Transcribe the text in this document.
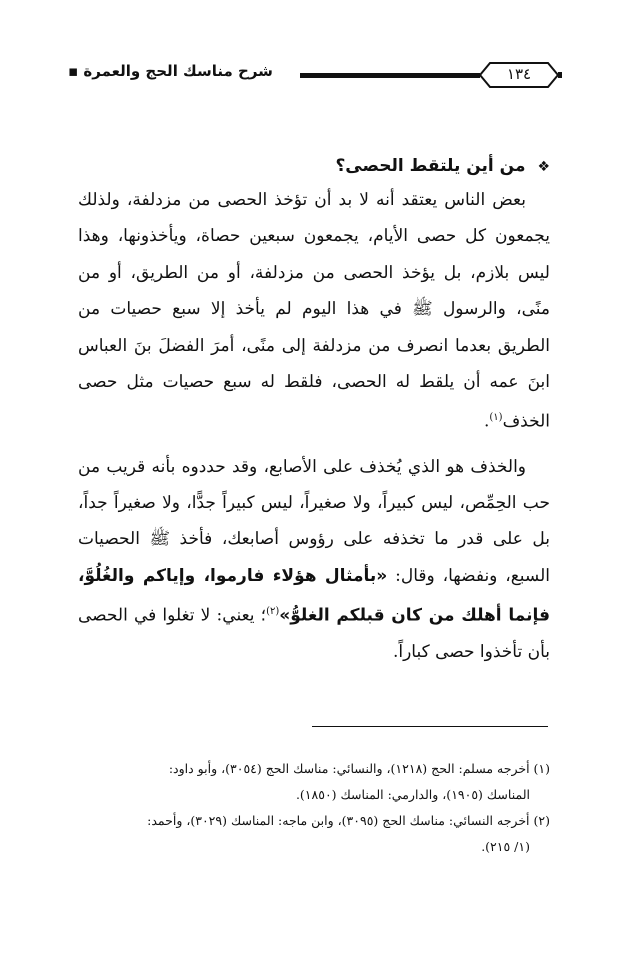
شرح مناسك الحج والعمرة ▪	١٣٤
❖ من أين يلتقط الحصى؟

بعض الناس يعتقد أنه لا بد أن تؤخذ الحصى من مزدلفة، ولذلك يجمعون كل حصى الأيام، يجمعون سبعين حصاة، ويأخذونها، وهذا ليس بلازم، بل يؤخذ الحصى من مزدلفة، أو من الطريق، أو من منًى، والرسول ﷺ في هذا اليوم لم يأخذ إلا سبع حصيات من الطريق بعدما انصرف من مزدلفة إلى منًى، أمرَ الفضلَ بنَ العباس ابنَ عمه أن يلقط له الحصى، فلقط له سبع حصيات مثل حصى الخذف$^{(١)}$.

والخذف هو الذي يُخذف على الأصابع، وقد حددوه بأنه قريب من حب الحِمِّص، ليس كبيراً، ولا صغيراً، ليس كبيراً جدًّا، ولا صغيراً جداً، بل على قدر ما تخذفه على رؤوس أصابعك، فأخذ ﷺ الحصيات السبع، ونفضها، وقال: «بأمثال هؤلاء فارموا، وإياكم والغُلُوَّ، فإنما أهلك من كان قبلكم الغلوُّ»$^{(٢)}$؛ يعني: لا تغلوا في الحصى بأن تأخذوا حصى كباراً.

(١) أخرجه مسلم: الحج (١٢١٨)، والنسائي: مناسك الحج (٣٠٥٤)، وأبو داود:
المناسك (١٩٠٥)، والدارمي: المناسك (١٨٥٠).

(٢) أخرجه النسائي: مناسك الحج (٣٠٩٥)، وابن ماجه: المناسك (٣٠٢٩)، وأحمد:
(١/ ٢١٥).
